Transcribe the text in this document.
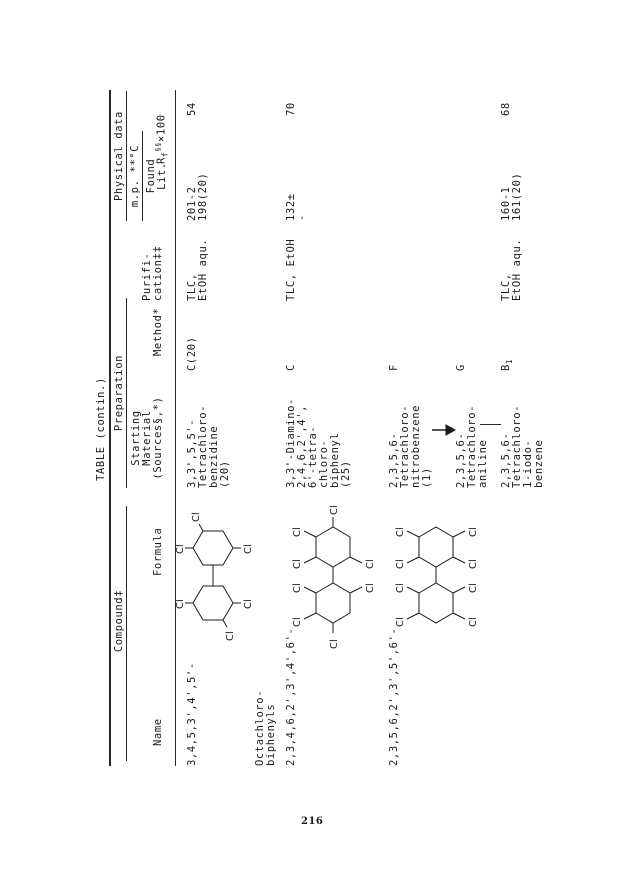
TABLE (contin.)
Compound‡
Preparation
Physical data m.p. **°C
Name
Formula
Starting
Material
(Sources§,*)
Method*
Purifi-
cation‡‡
Found
Lit.
$R_f^{\S\S}\times 100$
3,4,5,3',4',5'-
Cl
Cl
Cl
Cl
Cl
Cl
3,3',5,5'-
Tetrachloro-
benzidine
(20)
C(20)
TLC,
EtOH aqu.
201-2
198(20)
54
Octachloro-
biphenyls 2,3,4,6,2',3',4',6'-
Cl
Cl
Cl
Cl
Cl
Cl
Cl
Cl
3,3'-Diamino-
2,4,6,2',4',
6'-tetra-
chloro-
biphenyl
(25)
C
TLC, EtOH
132±
-
70
2,3,5,6,2',3',5',6'-
Cl
Cl
Cl
Cl
Cl
Cl
Cl
Cl
2,3,5,6-
Tetrachloro-
nitrobenzene
(1)
F
2,3,5,6-
Tetrachloro-
aniline
G
2,3,5,6-
Tetrachloro-
1-iodo-
benzene
$B_1$
TLC,
EtOH aqu.
160-1
161(20)
68
216
